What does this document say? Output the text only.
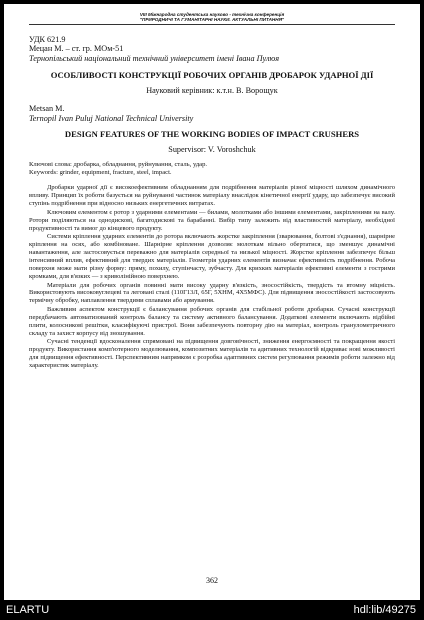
VIII Міжнародна студентська науково - технічна конференція
"ПРИРОДНИЧІ ТА ГУМАНІТАРНІ НАУКИ. АКТУАЛЬНІ ПИТАННЯ"
УДК 621.9
Мецан М. – ст. гр. МОм-51
Тернопільський національний технічний університет імені Івана Пулюя
ОСОБЛИВОСТІ КОНСТРУКЦІЇ РОБОЧИХ ОРГАНІВ ДРОБАРОК УДАРНОЇ ДІЇ
Науковий керівник: к.т.н. В. Ворощук
Metsan M.
Ternopil Ivan Puluj National Technical University
DESIGN FEATURES OF THE WORKING BODIES OF IMPACT CRUSHERS
Supervisor: V. Voroshchuk
Ключові слова: дробарка, обладнання, руйнування, сталь, удар.
Keywords: grinder, equipment, fracture, steel, impact.

Дробарки ударної дії є високоефективним обладнанням для подрібнення матеріалів різної міцності шляхом динамічного впливу. Принцип їх роботи базується на руйнуванні частинок матеріалу внаслідок кінетичної енергії удару, що забезпечує високий ступінь подрібнення при відносно низьких енергетичних витратах.

Ключовим елементом є ротор з ударними елементами — билами, молотками або іншими елементами, закріпленими на валу. Ротори поділяються на однодискові, багатодискові та барабанні. Вибір типу залежить від властивостей матеріалу, необхідної продуктивності та вимог до кінцевого продукту.

Системи кріплення ударних елементів до ротора включають жорстке закріплення (зварювання, болтові з'єднання), шарнірне кріплення на осях, або комбіноване. Шарнірне кріплення дозволяє молоткам вільно обертатися, що зменшує динамічні навантаження, але застосовується переважно для матеріалів середньої та низької міцності. Жорстке кріплення забезпечує більш інтенсивний вплив, ефективний для твердих матеріалів. Геометрія ударних елементів визначає ефективність подрібнення. Робоча поверхня може мати різну форму: пряму, похилу, ступінчасту, зубчасту. Для крихких матеріалів ефективні елементи з гострими кромками, для в'язких — з криволінійною поверхнею.

Матеріали для робочих органів повинні мати високу ударну в'язкість, зносостійкість, твердість та втомну міцність. Використовують високовуглецеві та леговані сталі (110Г13Л, 65Г, 5ХНМ, 4Х5МФС). Для підвищення зносостійкості застосовують термічну обробку, наплавлення твердими сплавами або армування.

Важливим аспектом конструкції є балансування робочих органів для стабільної роботи дробарки. Сучасні конструкції передбачають автоматизований контроль балансу та систему активного балансування. Додаткові елементи включають відбійні плити, колосникові решітки, класифікуючі пристрої. Вони забезпечують повторну дію на матеріал, контроль гранулометричного складу та захист корпусу від зношування.

Сучасні тенденції вдосконалення спрямовані на підвищення довговічності, зниження енергоємності та покращення якості продукту. Використання комп'ютерного моделювання, композитних матеріалів та адитивних технологій відкриває нові можливості для підвищення ефективності. Перспективним напрямком є розробка адаптивних систем регулювання режимів роботи залежно від характеристик матеріалу.

362
ELARTU	hdl:lib/49275
